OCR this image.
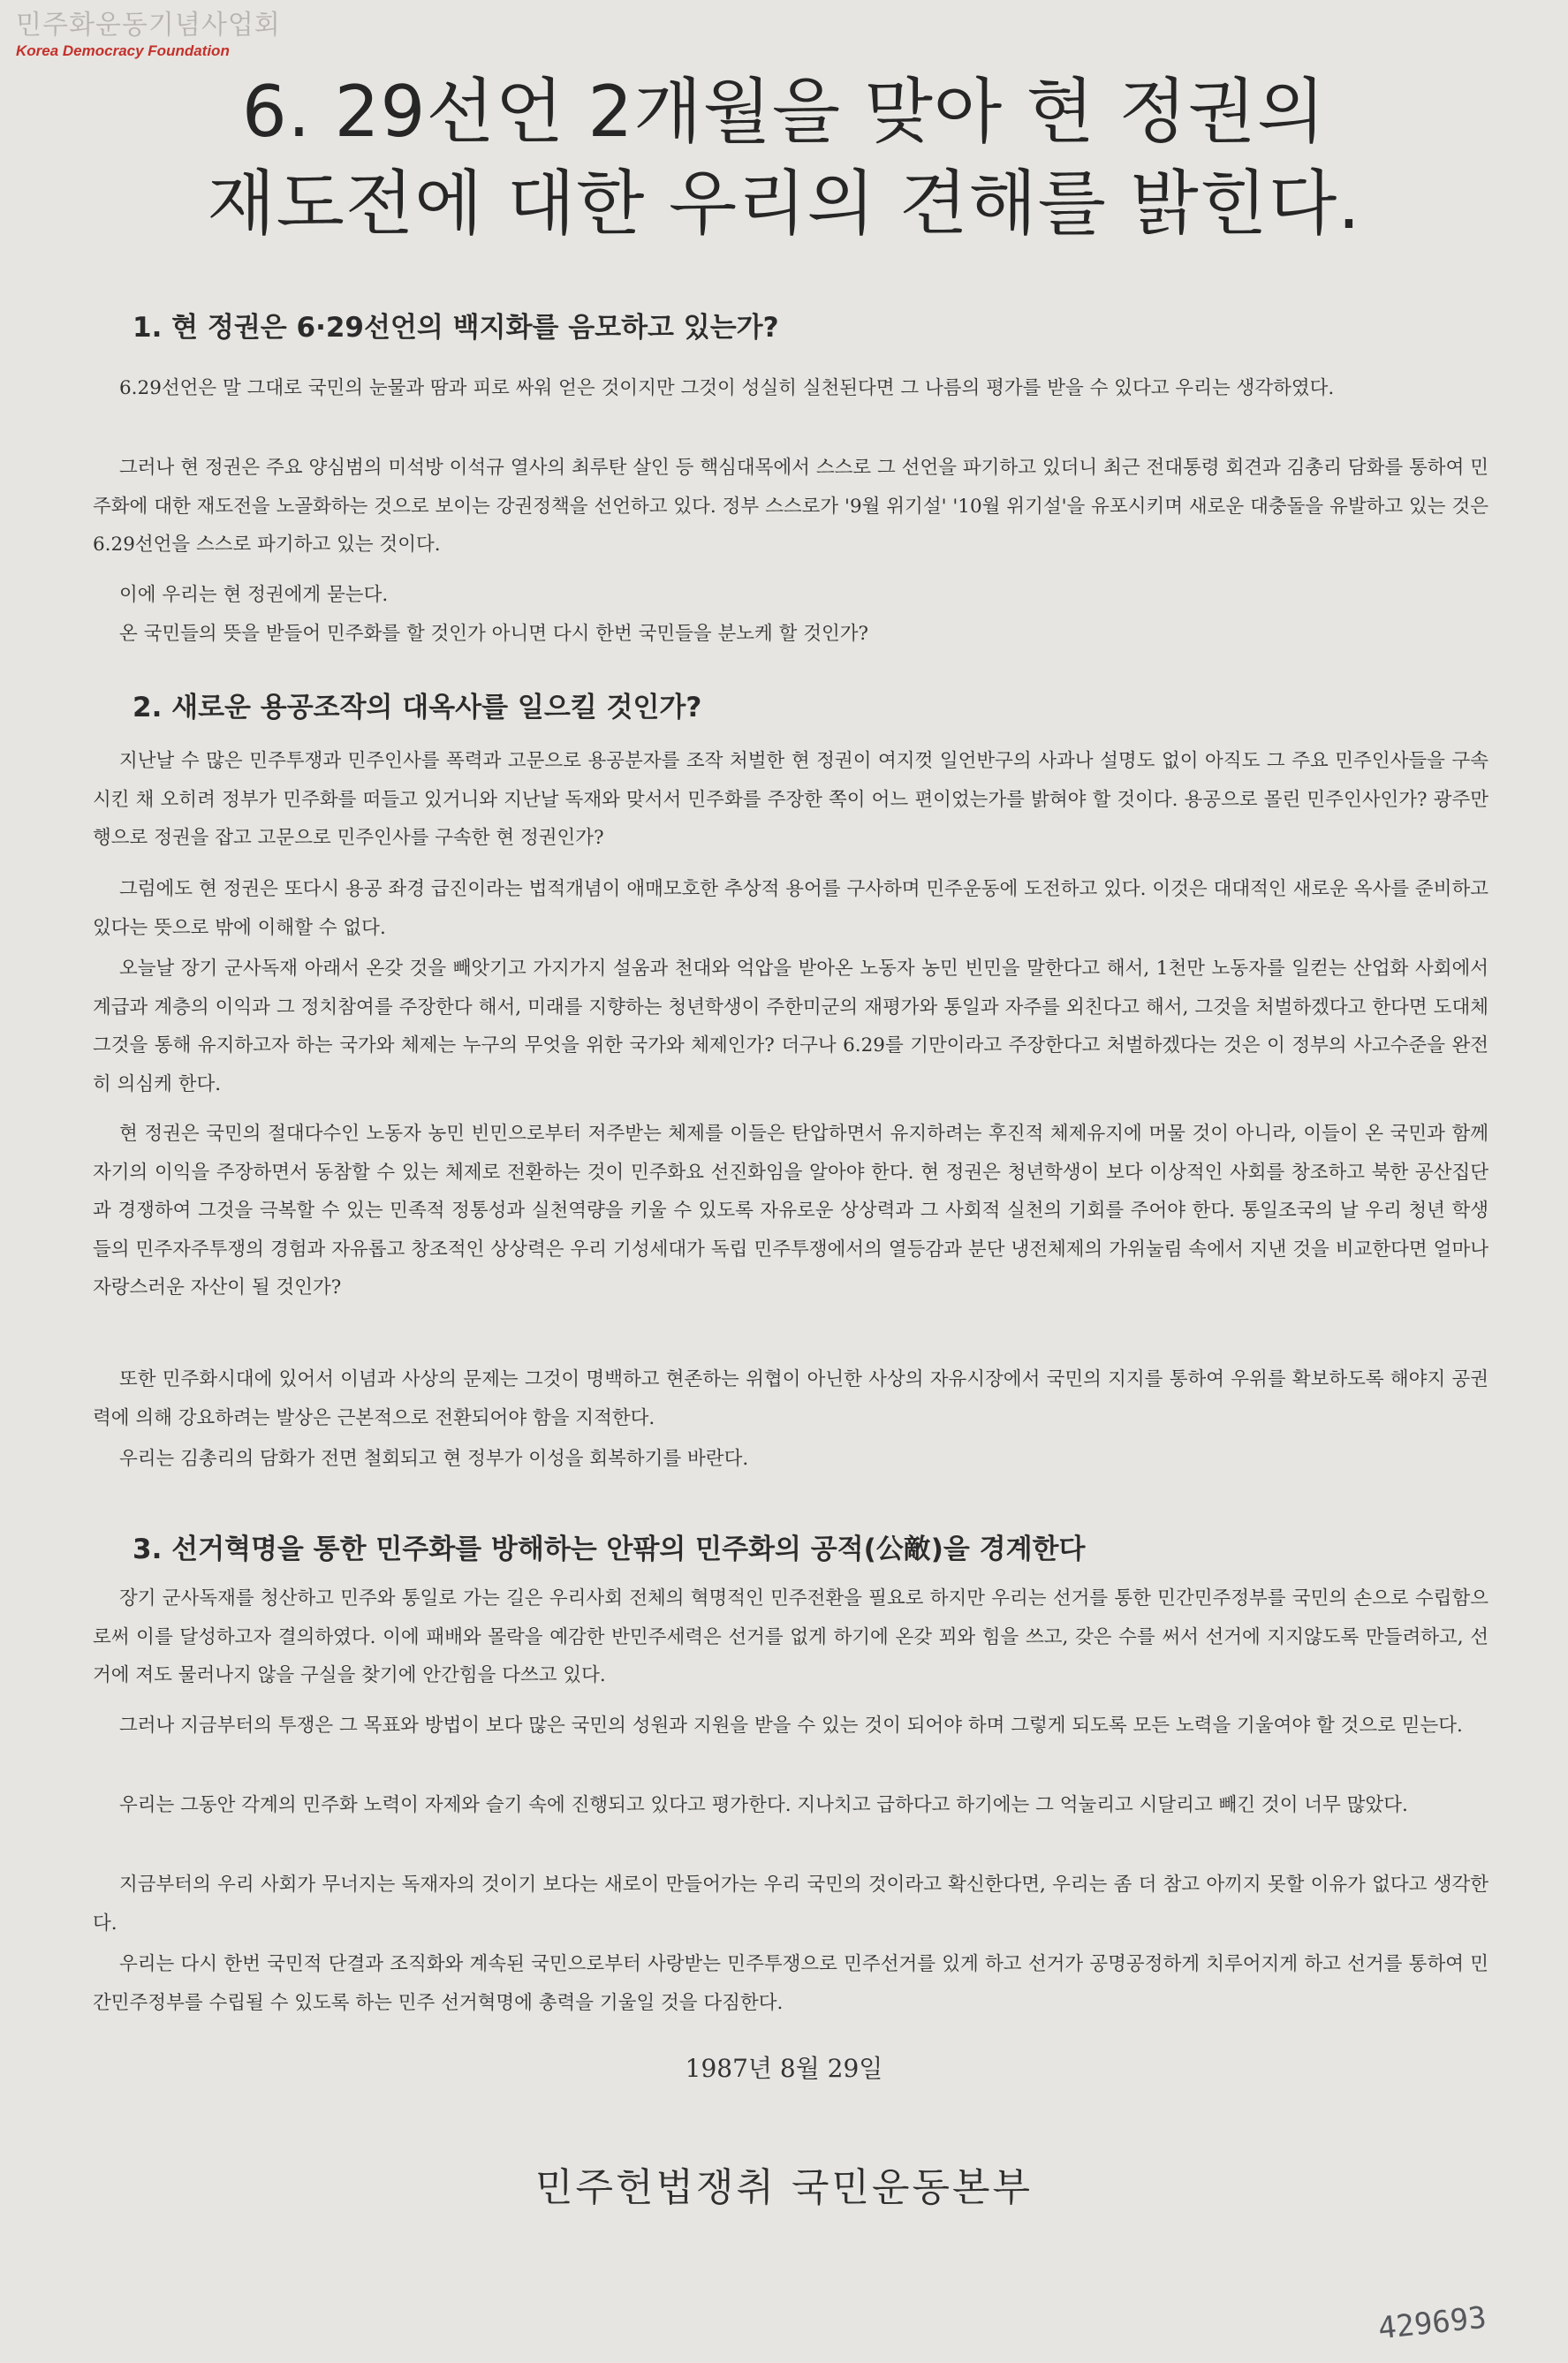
민주화운동기념사업회
Korea Democracy Foundation
6. 29선언 2개월을 맞아 현 정권의
재도전에 대한 우리의 견해를 밝힌다.
1. 현 정권은 6·29선언의 백지화를 음모하고 있는가?
6.29선언은 말 그대로 국민의 눈물과 땀과 피로 싸워 얻은 것이지만 그것이 성실히 실천된다면 그 나름의 평가를 받을 수 있다고 우리는 생각하였다.
그러나 현 정권은 주요 양심범의 미석방 이석규 열사의 최루탄 살인 등 핵심대목에서 스스로 그 선언을 파기하고 있더니 최근 전대통령 회견과 김총리 담화를 통하여 민주화에 대한 재도전을 노골화하는 것으로 보이는 강권정책을 선언하고 있다. 정부 스스로가 '9월 위기설' '10월 위기설'을 유포시키며 새로운 대충돌을 유발하고 있는 것은 6.29선언을 스스로 파기하고 있는 것이다.
이에 우리는 현 정권에게 묻는다.
온 국민들의 뜻을 받들어 민주화를 할 것인가 아니면 다시 한번 국민들을 분노케 할 것인가?
2. 새로운 용공조작의 대옥사를 일으킬 것인가?
지난날 수 많은 민주투쟁과 민주인사를 폭력과 고문으로 용공분자를 조작 처벌한 현 정권이 여지껏 일언반구의 사과나 설명도 없이 아직도 그 주요 민주인사들을 구속시킨 채 오히려 정부가 민주화를 떠들고 있거니와 지난날 독재와 맞서서 민주화를 주장한 쪽이 어느 편이었는가를 밝혀야 할 것이다. 용공으로 몰린 민주인사인가? 광주만행으로 정권을 잡고 고문으로 민주인사를 구속한 현 정권인가?
그럼에도 현 정권은 또다시 용공 좌경 급진이라는 법적개념이 애매모호한 추상적 용어를 구사하며 민주운동에 도전하고 있다. 이것은 대대적인 새로운 옥사를 준비하고 있다는 뜻으로 밖에 이해할 수 없다.
오늘날 장기 군사독재 아래서 온갖 것을 빼앗기고 가지가지 설움과 천대와 억압을 받아온 노동자 농민 빈민을 말한다고 해서, 1천만 노동자를 일컫는 산업화 사회에서 계급과 계층의 이익과 그 정치참여를 주장한다 해서, 미래를 지향하는 청년학생이 주한미군의 재평가와 통일과 자주를 외친다고 해서, 그것을 처벌하겠다고 한다면 도대체 그것을 통해 유지하고자 하는 국가와 체제는 누구의 무엇을 위한 국가와 체제인가? 더구나 6.29를 기만이라고 주장한다고 처벌하겠다는 것은 이 정부의 사고수준을 완전히 의심케 한다.
현 정권은 국민의 절대다수인 노동자 농민 빈민으로부터 저주받는 체제를 이들은 탄압하면서 유지하려는 후진적 체제유지에 머물 것이 아니라, 이들이 온 국민과 함께 자기의 이익을 주장하면서 동참할 수 있는 체제로 전환하는 것이 민주화요 선진화임을 알아야 한다. 현 정권은 청년학생이 보다 이상적인 사회를 창조하고 북한 공산집단과 경쟁하여 그것을 극복할 수 있는 민족적 정통성과 실천역량을 키울 수 있도록 자유로운 상상력과 그 사회적 실천의 기회를 주어야 한다. 통일조국의 날 우리 청년 학생들의 민주자주투쟁의 경험과 자유롭고 창조적인 상상력은 우리 기성세대가 독립 민주투쟁에서의 열등감과 분단 냉전체제의 가위눌림 속에서 지낸 것을 비교한다면 얼마나 자랑스러운 자산이 될 것인가?
또한 민주화시대에 있어서 이념과 사상의 문제는 그것이 명백하고 현존하는 위협이 아닌한 사상의 자유시장에서 국민의 지지를 통하여 우위를 확보하도록 해야지 공권력에 의해 강요하려는 발상은 근본적으로 전환되어야 함을 지적한다.
우리는 김총리의 담화가 전면 철회되고 현 정부가 이성을 회복하기를 바란다.
3. 선거혁명을 통한 민주화를 방해하는 안팎의 민주화의 공적(公敵)을 경계한다
장기 군사독재를 청산하고 민주와 통일로 가는 길은 우리사회 전체의 혁명적인 민주전환을 필요로 하지만 우리는 선거를 통한 민간민주정부를 국민의 손으로 수립함으로써 이를 달성하고자 결의하였다. 이에 패배와 몰락을 예감한 반민주세력은 선거를 없게 하기에 온갖 꾀와 힘을 쓰고, 갖은 수를 써서 선거에 지지않도록 만들려하고, 선거에 져도 물러나지 않을 구실을 찾기에 안간힘을 다쓰고 있다.
그러나 지금부터의 투쟁은 그 목표와 방법이 보다 많은 국민의 성원과 지원을 받을 수 있는 것이 되어야 하며 그렇게 되도록 모든 노력을 기울여야 할 것으로 믿는다.
우리는 그동안 각계의 민주화 노력이 자제와 슬기 속에 진행되고 있다고 평가한다. 지나치고 급하다고 하기에는 그 억눌리고 시달리고 빼긴 것이 너무 많았다.
지금부터의 우리 사회가 무너지는 독재자의 것이기 보다는 새로이 만들어가는 우리 국민의 것이라고 확신한다면, 우리는 좀 더 참고 아끼지 못할 이유가 없다고 생각한다.
우리는 다시 한번 국민적 단결과 조직화와 계속된 국민으로부터 사랑받는 민주투쟁으로 민주선거를 있게 하고 선거가 공명공정하게 치루어지게 하고 선거를 통하여 민간민주정부를 수립될 수 있도록 하는 민주 선거혁명에 총력을 기울일 것을 다짐한다.
1987년 8월 29일
민주헌법쟁취 국민운동본부
429693
